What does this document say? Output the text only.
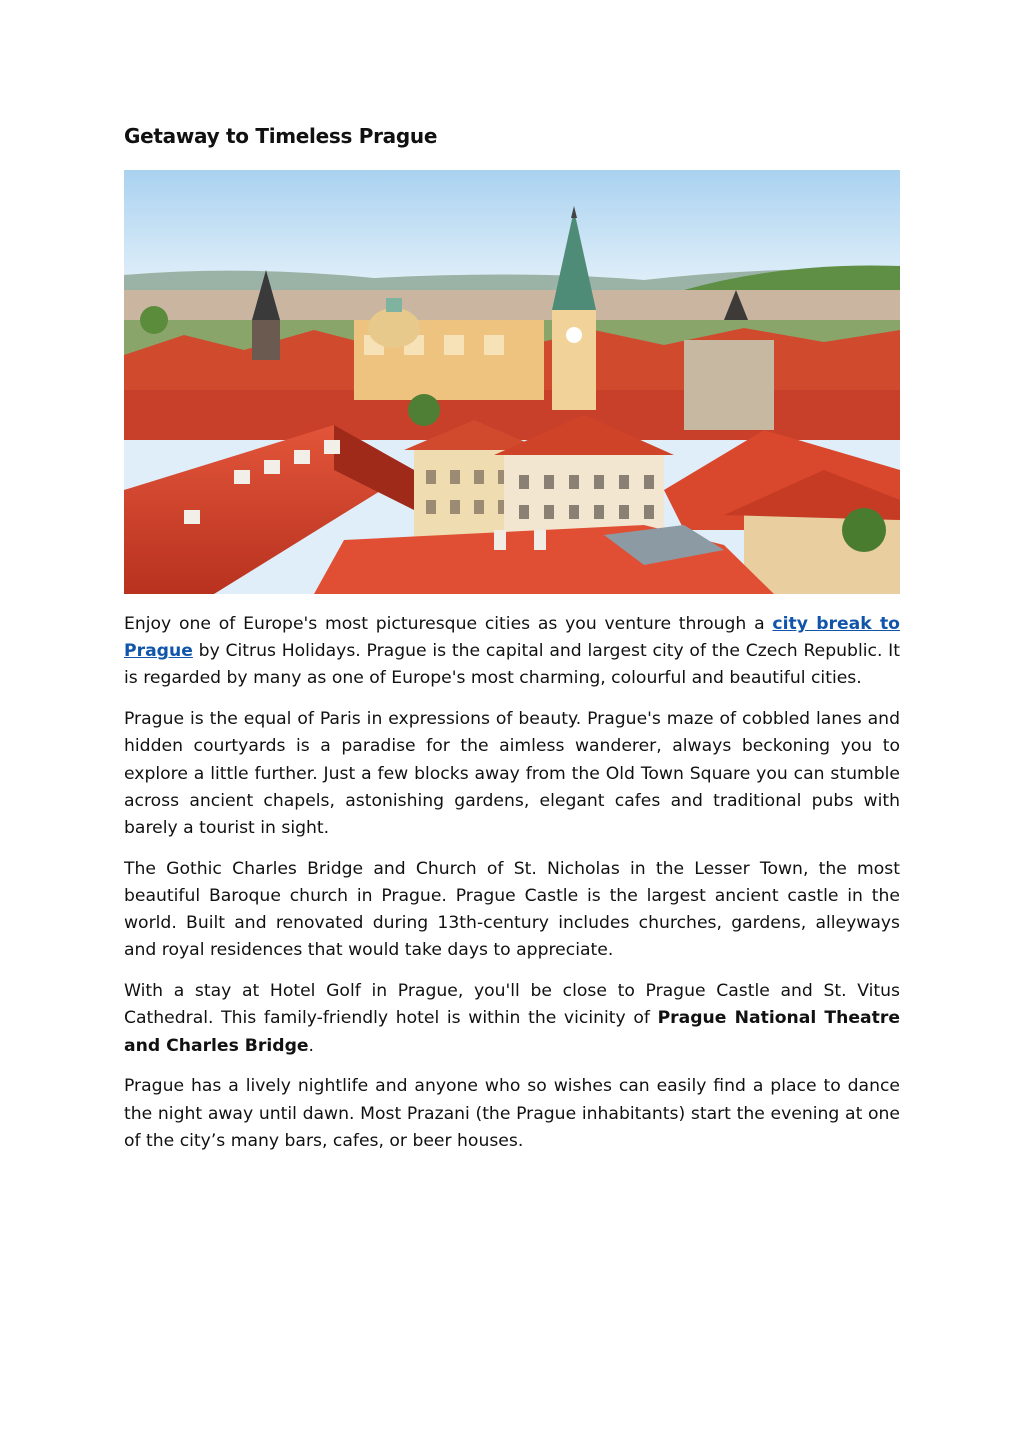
Getaway to Timeless Prague

Enjoy one of Europe's most picturesque cities as you venture through a city break to Prague by Citrus Holidays. Prague is the capital and largest city of the Czech Republic. It is regarded by many as one of Europe's most charming, colourful and beautiful cities.

Prague is the equal of Paris in expressions of beauty. Prague's maze of cobbled lanes and hidden courtyards is a paradise for the aimless wanderer, always beckoning you to explore a little further. Just a few blocks away from the Old Town Square you can stumble across ancient chapels, astonishing gardens, elegant cafes and traditional pubs with barely a tourist in sight.

The Gothic Charles Bridge and Church of St. Nicholas in the Lesser Town, the most beautiful Baroque church in Prague. Prague Castle is the largest ancient castle in the world. Built and renovated during 13th-century includes churches, gardens, alleyways and royal residences that would take days to appreciate.

With a stay at Hotel Golf in Prague, you'll be close to Prague Castle and St. Vitus Cathedral. This family-friendly hotel is within the vicinity of Prague National Theatre and Charles Bridge.

Prague has a lively nightlife and anyone who so wishes can easily find a place to dance the night away until dawn. Most Prazani (the Prague inhabitants) start the evening at one of the city’s many bars, cafes, or beer houses.
